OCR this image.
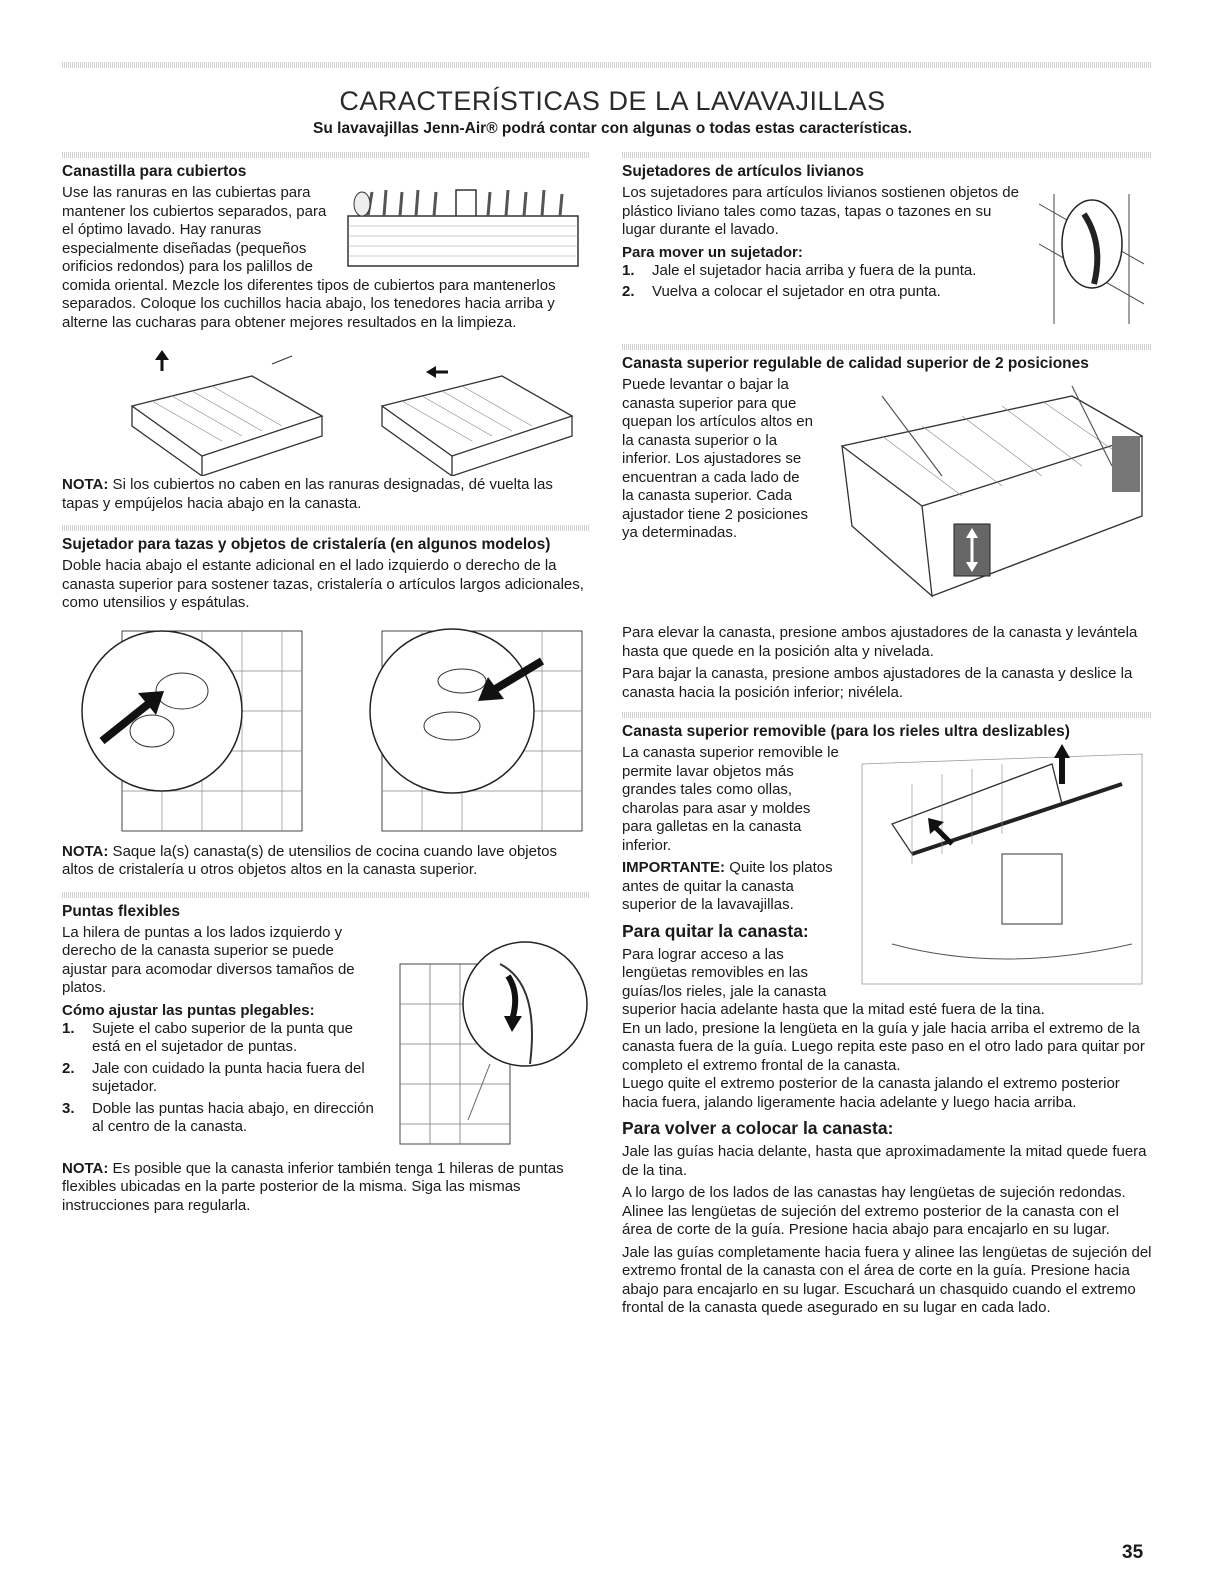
CARACTERÍSTICAS DE LA LAVAVAJILLAS
Su lavavajillas Jenn-Air® podrá contar con algunas o todas estas características.
Canastilla para cubiertos

Use las ranuras en las cubiertas para mantener los cubiertos separados, para el óptimo lavado. Hay ranuras especialmente diseñadas (pequeños orificios redondos) para los palillos de comida oriental. Mezcle los diferentes tipos de cubiertos para mantenerlos separados. Coloque los cuchillos hacia abajo, los tenedores hacia arriba y alterne las cucharas para obtener mejores resultados en la limpieza.

NOTA: Si los cubiertos no caben en las ranuras designadas, dé vuelta las tapas y empújelos hacia abajo en la canasta.

Sujetador para tazas y objetos de cristalería (en algunos modelos)

Doble hacia abajo el estante adicional en el lado izquierdo o derecho de la canasta superior para sostener tazas, cristalería o artículos largos adicionales, como utensilios y espátulas.

NOTA: Saque la(s) canasta(s) de utensilios de cocina cuando lave objetos altos de cristalería u otros objetos altos en la canasta superior.

Puntas flexibles

La hilera de puntas a los lados izquierdo y derecho de la canasta superior se puede ajustar para acomodar diversos tamaños de platos.

Cómo ajustar las puntas plegables:
1.	Sujete el cabo superior de la punta que está en el sujetador de puntas.
2.	Jale con cuidado la punta hacia fuera del sujetador.
3.	Doble las puntas hacia abajo, en dirección al centro de la canasta.

NOTA: Es posible que la canasta inferior también tenga 1 hileras de puntas flexibles ubicadas en la parte posterior de la misma. Siga las mismas instrucciones para regularla.

Sujetadores de artículos livianos

Los sujetadores para artículos livianos sostienen objetos de plástico liviano tales como tazas, tapas o tazones en su lugar durante el lavado.

Para mover un sujetador:
1.	Jale el sujetador hacia arriba y fuera de la punta.
2.	Vuelva a colocar el sujetador en otra punta.
Canasta superior regulable de calidad superior de 2 posiciones

Puede levantar o bajar la canasta superior para que quepan los artículos altos en la canasta superior o la inferior. Los ajustadores se encuentran a cada lado de la canasta superior. Cada ajustador tiene 2 posiciones ya determinadas.

Para elevar la canasta, presione ambos ajustadores de la canasta y levántela hasta que quede en la posición alta y nivelada.

Para bajar la canasta, presione ambos ajustadores de la canasta y deslice la canasta hacia la posición inferior; nivélela.

Canasta superior removible (para los rieles ultra deslizables)

La canasta superior removible le permite lavar objetos más grandes tales como ollas, charolas para asar y moldes para galletas en la canasta inferior.

IMPORTANTE: Quite los platos antes de quitar la canasta superior de la lavavajillas.

Para quitar la canasta:

Para lograr acceso a las lengüetas removibles en las guías/los rieles, jale la canasta superior hacia adelante hasta que la mitad esté fuera de la tina.

En un lado, presione la lengüeta en la guía y jale hacia arriba el extremo de la canasta fuera de la guía. Luego repita este paso en el otro lado para quitar por completo el extremo frontal de la canasta.

Luego quite el extremo posterior de la canasta jalando el extremo posterior hacia fuera, jalando ligeramente hacia adelante y luego hacia arriba.

Para volver a colocar la canasta:

Jale las guías hacia delante, hasta que aproximadamente la mitad quede fuera de la tina.

A lo largo de los lados de las canastas hay lengüetas de sujeción redondas. Alinee las lengüetas de sujeción del extremo posterior de la canasta con el área de corte de la guía. Presione hacia abajo para encajarlo en su lugar.

Jale las guías completamente hacia fuera y alinee las lengüetas de sujeción del extremo frontal de la canasta con el área de corte en la guía. Presione hacia abajo para encajarlo en su lugar. Escuchará un chasquido cuando el extremo frontal de la canasta quede asegurado en su lugar en cada lado.

35
